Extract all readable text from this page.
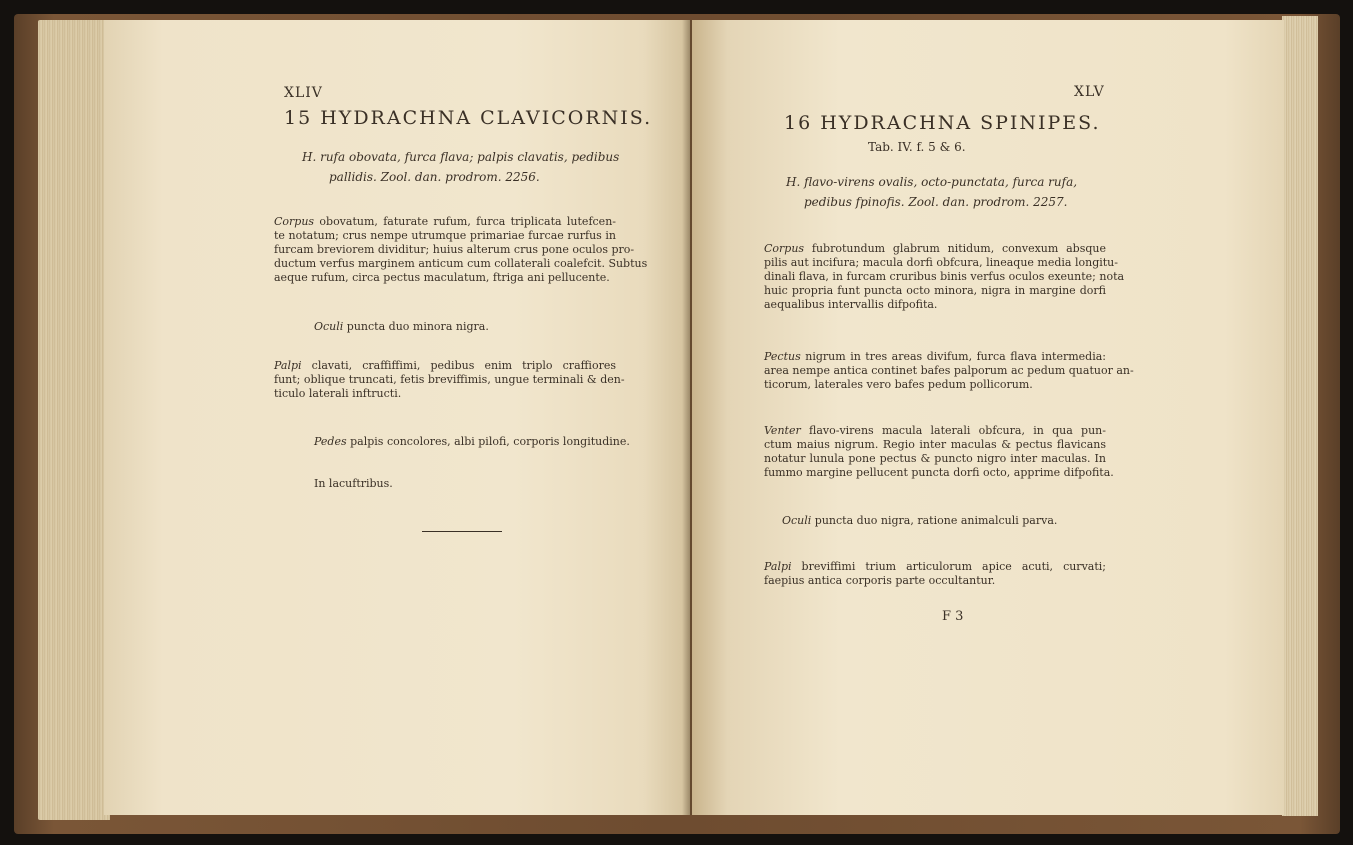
XLIV
15 HYDRACHNA CLAVICORNIS.
H. rufa obovata, furca flava; palpis clavatis, pedibus
pallidis. Zool. dan. prodrom. 2256.
Corpus obovatum, faturate rufum, furca triplicata lutefcen-
te notatum; crus nempe utrumque primariae furcae rurfus in
furcam breviorem dividitur; huius alterum crus pone oculos pro-
ductum verfus marginem anticum cum collaterali coalefcit. Subtus
aeque rufum, circa pectus maculatum, ftriga ani pellucente.
Oculi puncta duo minora nigra.
Palpi clavati, craffiffimi, pedibus enim triplo craffiores
funt; oblique truncati, fetis breviffimis, ungue terminali & den-
ticulo laterali inftructi.
Pedes palpis concolores, albi pilofi, corporis longitudine.
In lacuftribus.
XLV
16 HYDRACHNA SPINIPES.
Tab. IV. f. 5 & 6.
H. flavo-virens ovalis, octo-punctata, furca rufa,
pedibus fpinofis. Zool. dan. prodrom. 2257.
Corpus fubrotundum glabrum nitidum, convexum absque
pilis aut incifura; macula dorfi obfcura, lineaque media longitu-
dinali flava, in furcam cruribus binis verfus oculos exeunte; nota
huic propria funt puncta octo minora, nigra in margine dorfi
aequalibus intervallis difpofita.
Pectus nigrum in tres areas divifum, furca flava intermedia:
area nempe antica continet bafes palporum ac pedum quatuor an-
ticorum, laterales vero bafes pedum pollicorum.
Venter flavo-virens macula laterali obfcura, in qua pun-
ctum maius nigrum. Regio inter maculas & pectus flavicans
notatur lunula pone pectus & puncto nigro inter maculas. In
fummo margine pellucent puncta dorfi octo, apprime difpofita.
Oculi puncta duo nigra, ratione animalculi parva.
Palpi breviffimi trium articulorum apice acuti, curvati;
faepius antica corporis parte occultantur.
F 3
